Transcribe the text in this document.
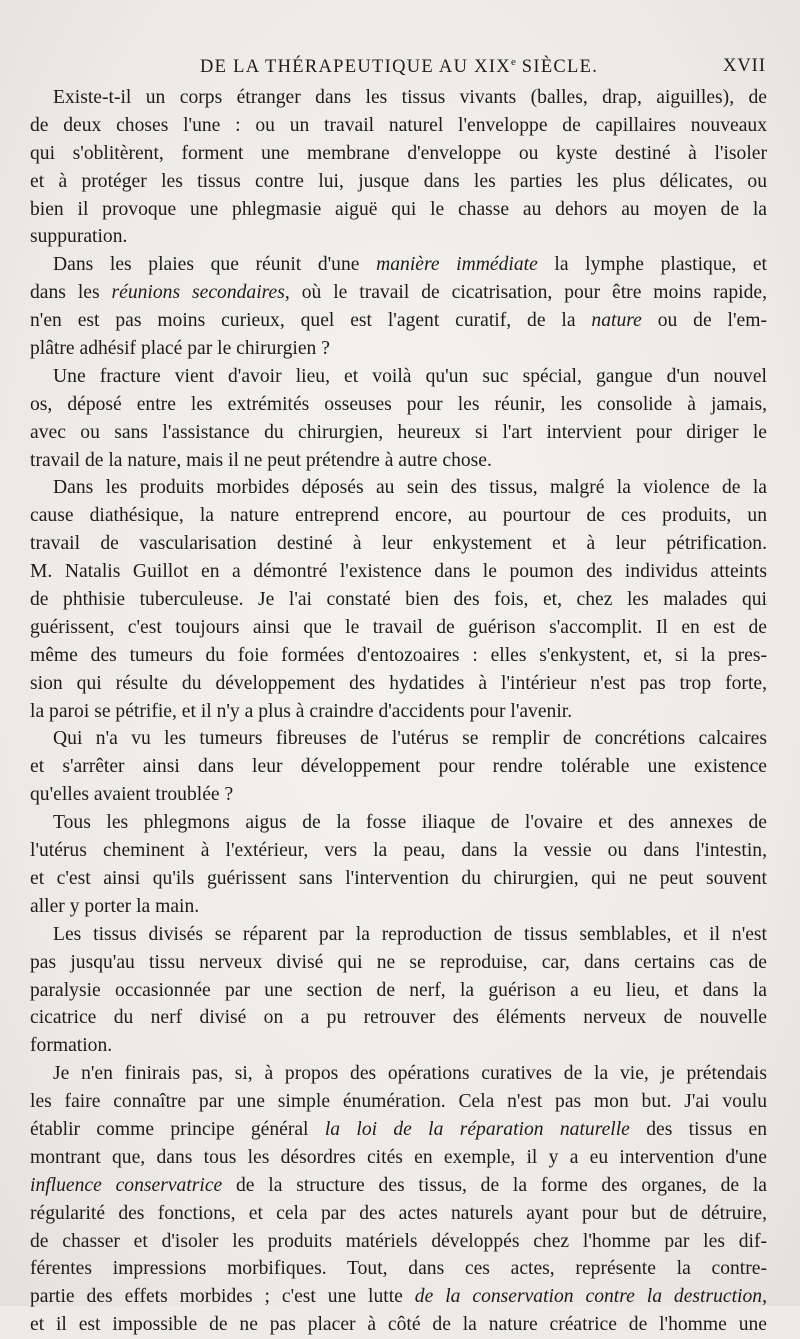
DE LA THÉRAPEUTIQUE AU XIXe SIÈCLE.	XVII
Existe-t-il un corps étranger dans les tissus vivants (balles, drap, aiguilles), de
de deux choses l'une : ou un travail naturel l'enveloppe de capillaires nouveaux
qui s'oblitèrent, forment une membrane d'enveloppe ou kyste destiné à l'isoler
et à protéger les tissus contre lui, jusque dans les parties les plus délicates, ou
bien il provoque une phlegmasie aiguë qui le chasse au dehors au moyen de la
suppuration.
Dans les plaies que réunit d'une manière immédiate la lymphe plastique, et
dans les réunions secondaires, où le travail de cicatrisation, pour être moins rapide,
n'en est pas moins curieux, quel est l'agent curatif, de la nature ou de l'em-
plâtre adhésif placé par le chirurgien ?
Une fracture vient d'avoir lieu, et voilà qu'un suc spécial, gangue d'un nouvel
os, déposé entre les extrémités osseuses pour les réunir, les consolide à jamais,
avec ou sans l'assistance du chirurgien, heureux si l'art intervient pour diriger le
travail de la nature, mais il ne peut prétendre à autre chose.
Dans les produits morbides déposés au sein des tissus, malgré la violence de la
cause diathésique, la nature entreprend encore, au pourtour de ces produits, un
travail de vascularisation destiné à leur enkystement et à leur pétrification.
M. Natalis Guillot en a démontré l'existence dans le poumon des individus atteints
de phthisie tuberculeuse. Je l'ai constaté bien des fois, et, chez les malades qui
guérissent, c'est toujours ainsi que le travail de guérison s'accomplit. Il en est de
même des tumeurs du foie formées d'entozoaires : elles s'enkystent, et, si la pres-
sion qui résulte du développement des hydatides à l'intérieur n'est pas trop forte,
la paroi se pétrifie, et il n'y a plus à craindre d'accidents pour l'avenir.
Qui n'a vu les tumeurs fibreuses de l'utérus se remplir de concrétions calcaires
et s'arrêter ainsi dans leur développement pour rendre tolérable une existence
qu'elles avaient troublée ?
Tous les phlegmons aigus de la fosse iliaque de l'ovaire et des annexes de
l'utérus cheminent à l'extérieur, vers la peau, dans la vessie ou dans l'intestin,
et c'est ainsi qu'ils guérissent sans l'intervention du chirurgien, qui ne peut souvent
aller y porter la main.
Les tissus divisés se réparent par la reproduction de tissus semblables, et il n'est
pas jusqu'au tissu nerveux divisé qui ne se reproduise, car, dans certains cas de
paralysie occasionnée par une section de nerf, la guérison a eu lieu, et dans la
cicatrice du nerf divisé on a pu retrouver des éléments nerveux de nouvelle
formation.
Je n'en finirais pas, si, à propos des opérations curatives de la vie, je prétendais
les faire connaître par une simple énumération. Cela n'est pas mon but. J'ai voulu
établir comme principe général la loi de la réparation naturelle des tissus en
montrant que, dans tous les désordres cités en exemple, il y a eu intervention d'une
influence conservatrice de la structure des tissus, de la forme des organes, de la
régularité des fonctions, et cela par des actes naturels ayant pour but de détruire,
de chasser et d'isoler les produits matériels développés chez l'homme par les dif-
férentes impressions morbifiques. Tout, dans ces actes, représente la contre-
partie des effets morbides ; c'est une lutte de la conservation contre la destruction,
et il est impossible de ne pas placer à côté de la nature créatrice de l'homme une
